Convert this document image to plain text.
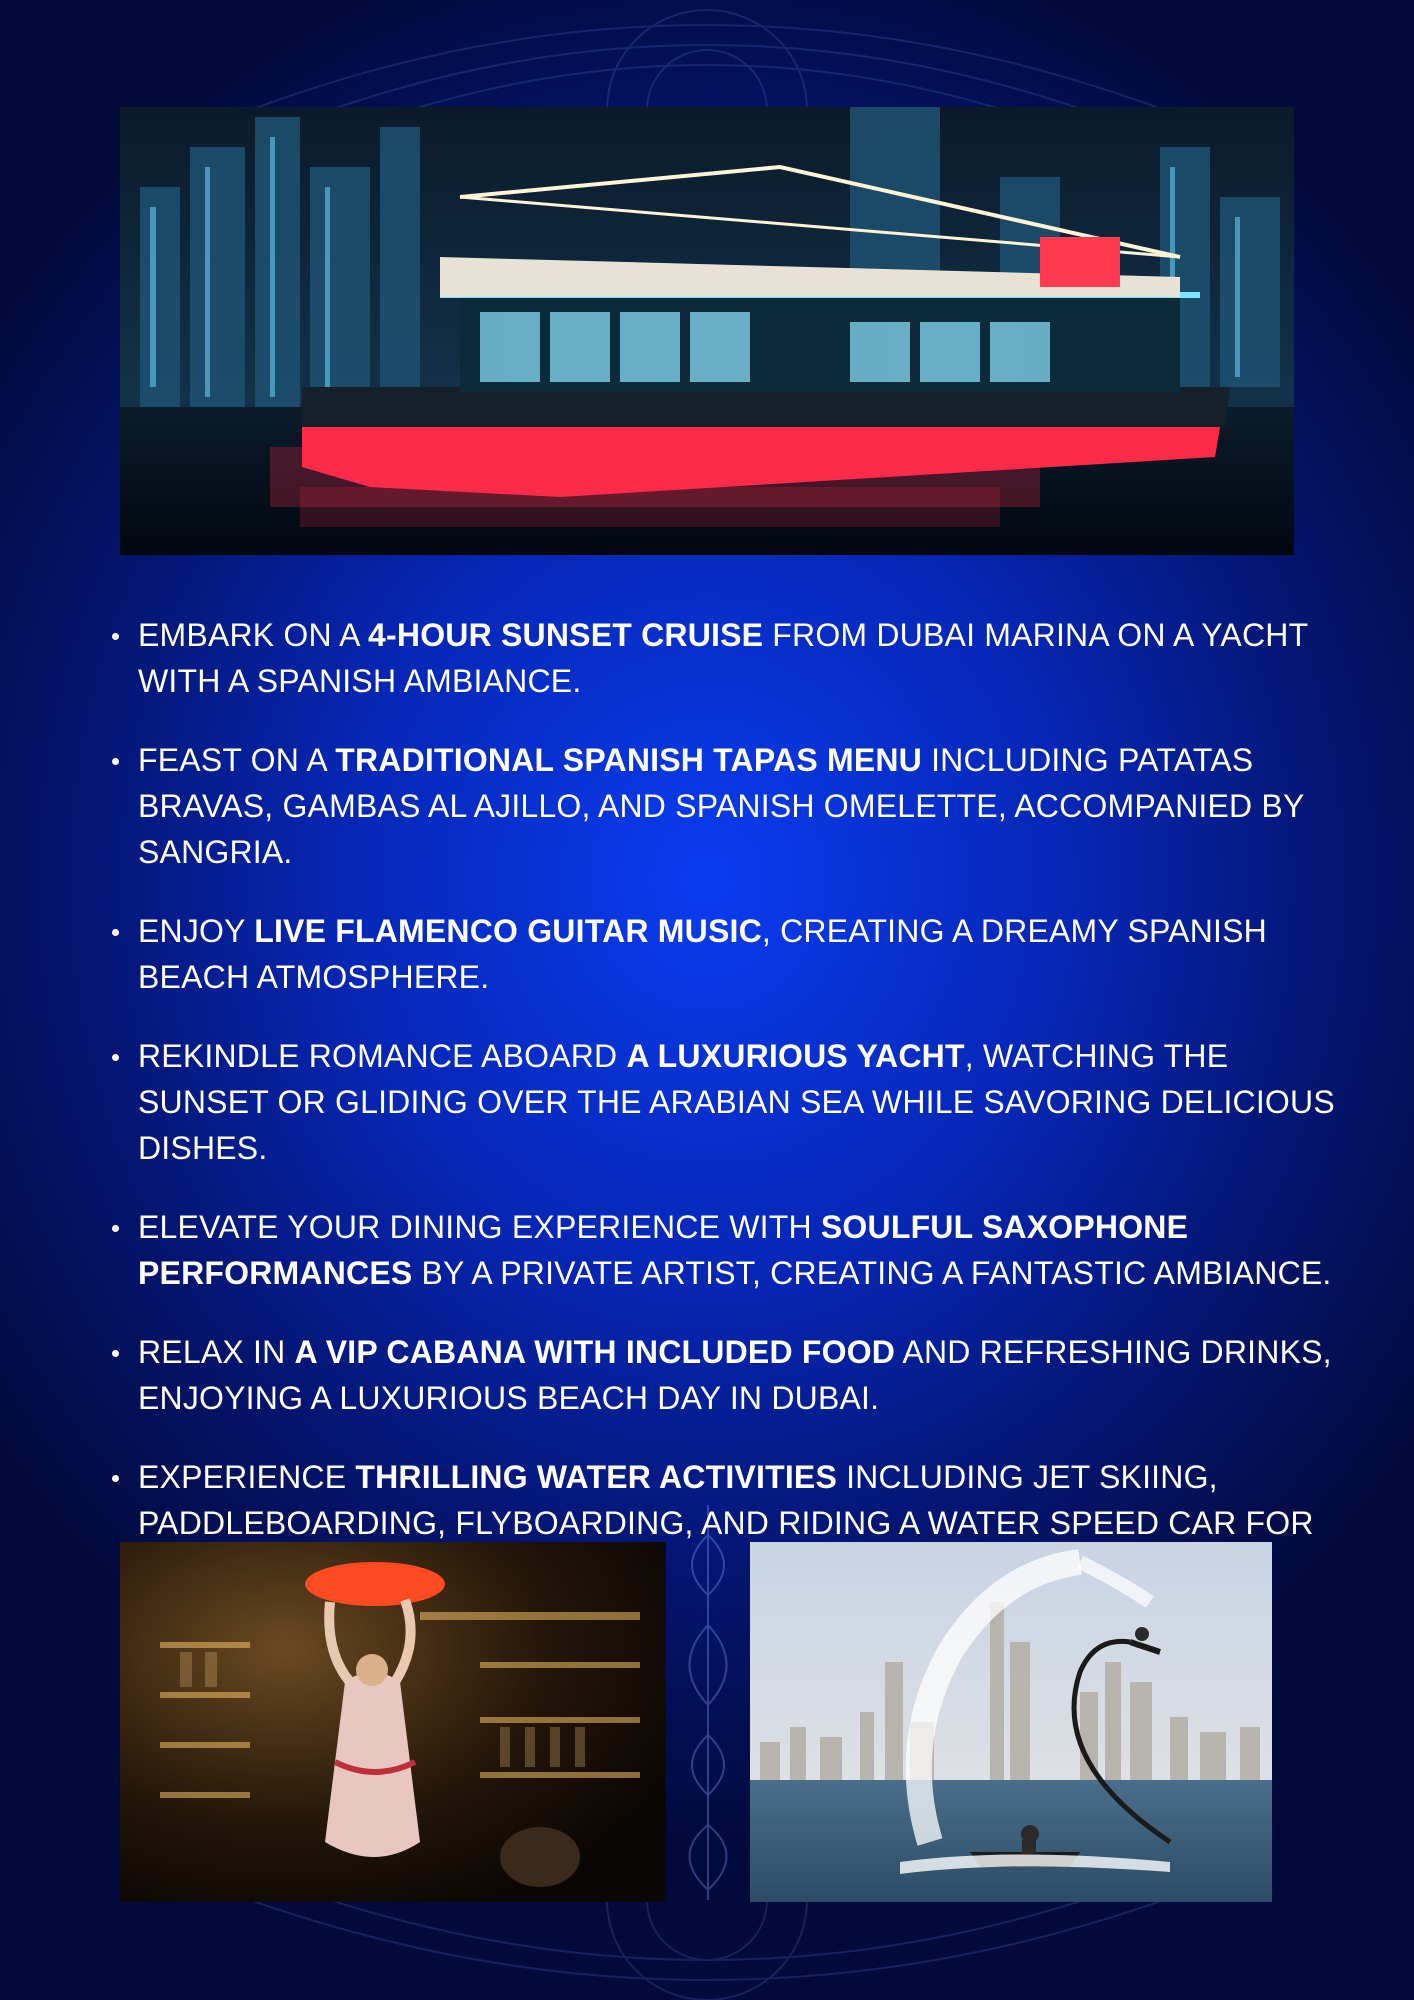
EMBARK ON A 4-HOUR SUNSET CRUISE FROM DUBAI MARINA ON A YACHT WITH A SPANISH AMBIANCE.
FEAST ON A TRADITIONAL SPANISH TAPAS MENU INCLUDING PATATAS BRAVAS, GAMBAS AL AJILLO, AND SPANISH OMELETTE, ACCOMPANIED BY SANGRIA.
ENJOY LIVE FLAMENCO GUITAR MUSIC, CREATING A DREAMY SPANISH BEACH ATMOSPHERE.
REKINDLE ROMANCE ABOARD A LUXURIOUS YACHT, WATCHING THE SUNSET OR GLIDING OVER THE ARABIAN SEA WHILE SAVORING DELICIOUS DISHES.
ELEVATE YOUR DINING EXPERIENCE WITH SOULFUL SAXOPHONE PERFORMANCES BY A PRIVATE ARTIST, CREATING A FANTASTIC AMBIANCE.
RELAX IN A VIP CABANA WITH INCLUDED FOOD AND REFRESHING DRINKS, ENJOYING A LUXURIOUS BEACH DAY IN DUBAI.
EXPERIENCE THRILLING WATER ACTIVITIES INCLUDING JET SKIING, PADDLEBOARDING, FLYBOARDING, AND RIDING A WATER SPEED CAR FOR
